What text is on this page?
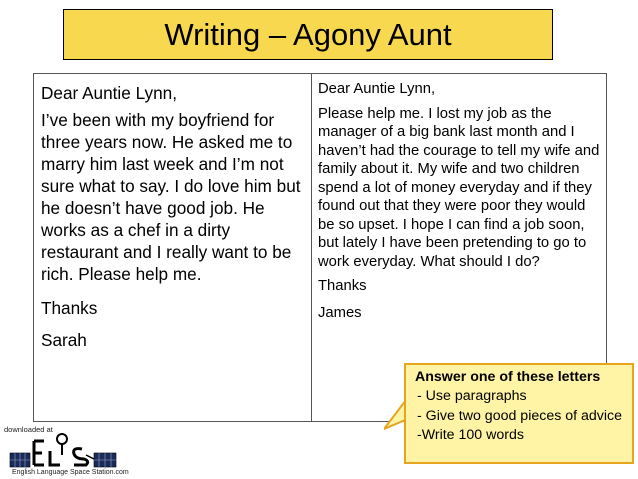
Writing – Agony Aunt

Dear Auntie Lynn,

I’ve been with my boyfriend for three years now. He asked me to marry him last week and I’m not sure what to say. I do love him but he doesn’t have good job. He works as a chef in a dirty restaurant and I really want to be rich. Please help me.

Thanks

Sarah

Dear Auntie Lynn,

Please help me. I lost my job as the manager of a big bank last month and I haven’t had the courage to tell my wife and family about it. My wife and two children spend a lot of money everyday and if they found out that they were poor they would be so upset. I hope I can find a job soon, but lately I have been pretending to go to work everyday. What should I do?

Thanks

James

Answer one of these letters
- Use paragraphs
- Give two good pieces of advice
-Write 100 words
downloaded at
English Language Space Station.com
